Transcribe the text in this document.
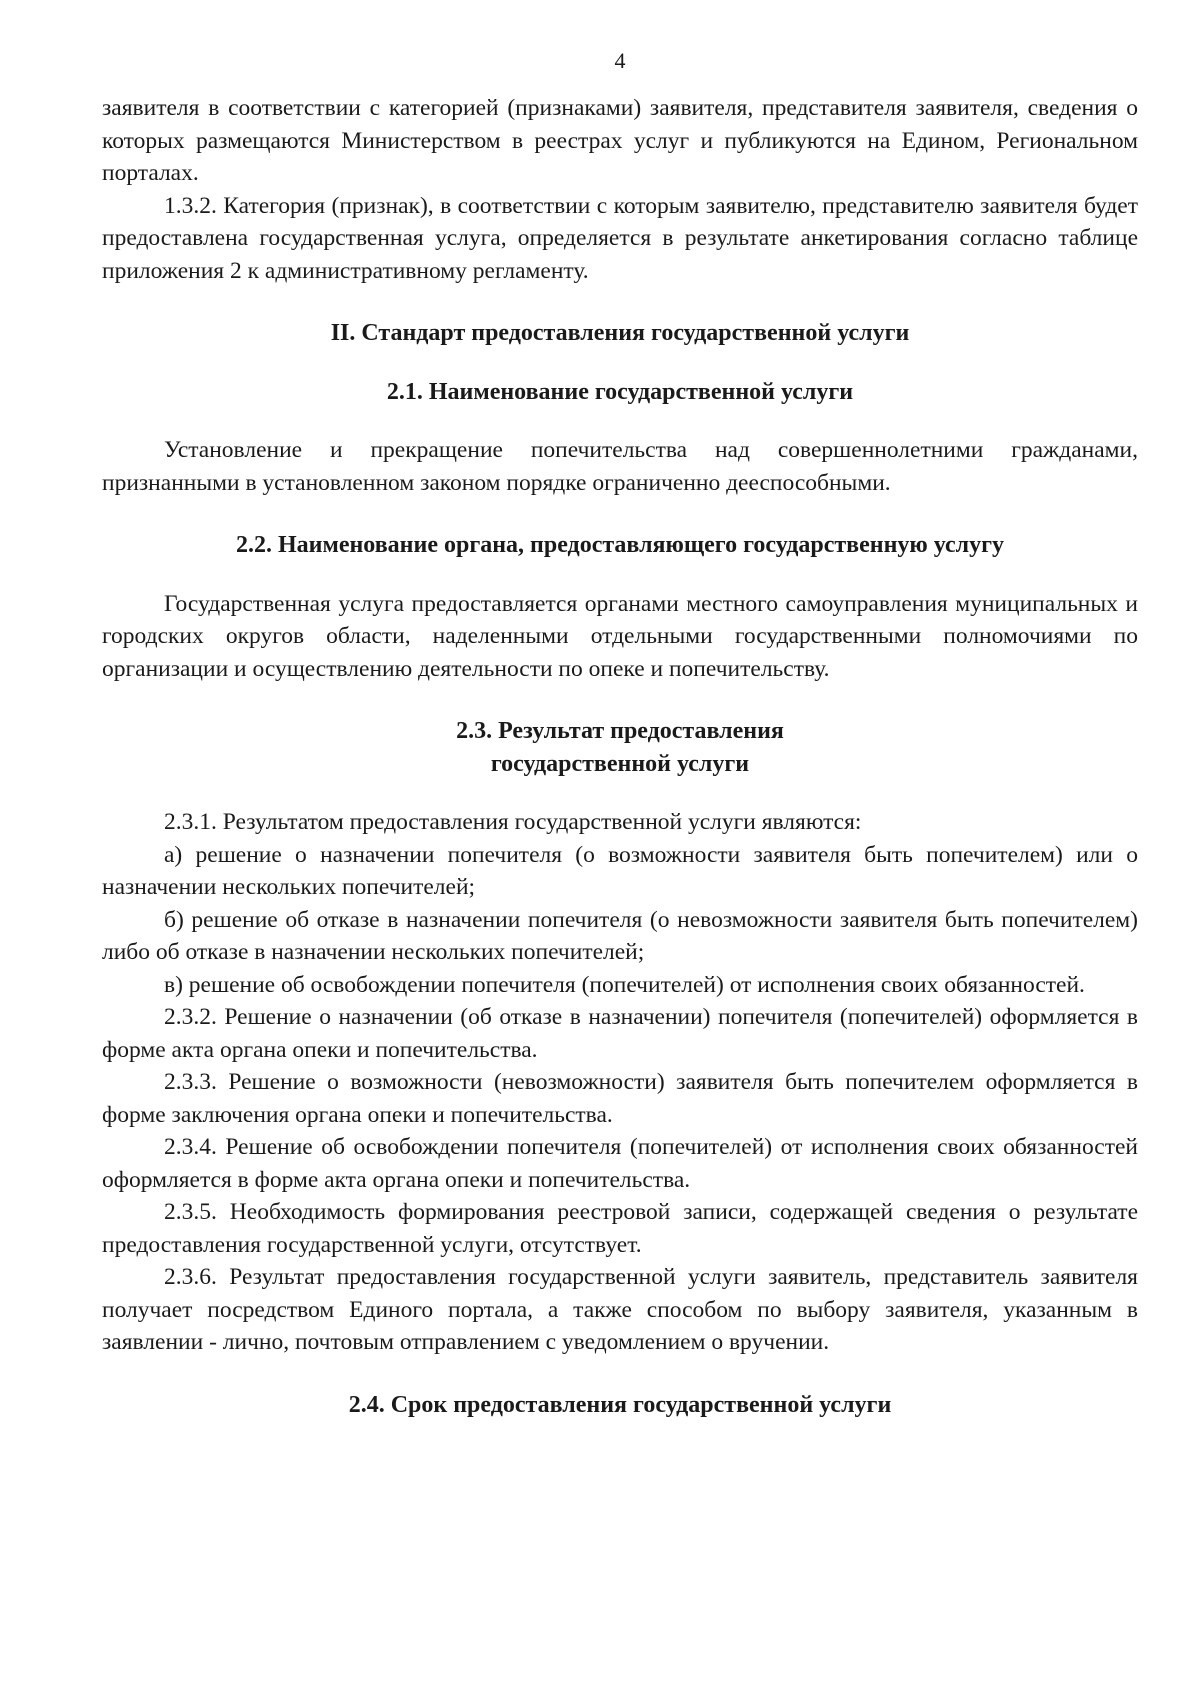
4

заявителя в соответствии с категорией (признаками) заявителя, представителя заявителя, сведения о которых размещаются Министерством в реестрах услуг и публикуются на Едином, Региональном порталах.

1.3.2. Категория (признак), в соответствии с которым заявителю, представителю заявителя будет предоставлена государственная услуга, определяется в результате анкетирования согласно таблице приложения 2 к административному регламенту.

II. Стандарт предоставления государственной услуги
2.1. Наименование государственной услуги

Установление и прекращение попечительства над совершеннолетними гражданами, признанными в установленном законом порядке ограниченно дееспособными.

2.2. Наименование органа, предоставляющего государственную услугу

Государственная услуга предоставляется органами местного самоуправления муниципальных и городских округов области, наделенными отдельными государственными полномочиями по организации и осуществлению деятельности по опеке и попечительству.

2.3. Результат предоставления
государственной услуги

2.3.1. Результатом предоставления государственной услуги являются:

а) решение о назначении попечителя (о возможности заявителя быть попечителем) или о назначении нескольких попечителей;

б) решение об отказе в назначении попечителя (о невозможности заявителя быть попечителем) либо об отказе в назначении нескольких попечителей;

в) решение об освобождении попечителя (попечителей) от исполнения своих обязанностей.

2.3.2. Решение о назначении (об отказе в назначении) попечителя (попечителей) оформляется в форме акта органа опеки и попечительства.

2.3.3. Решение о возможности (невозможности) заявителя быть попечителем оформляется в форме заключения органа опеки и попечительства.

2.3.4. Решение об освобождении попечителя (попечителей) от исполнения своих обязанностей оформляется в форме акта органа опеки и попечительства.

2.3.5. Необходимость формирования реестровой записи, содержащей сведения о результате предоставления государственной услуги, отсутствует.

2.3.6. Результат предоставления государственной услуги заявитель, представитель заявителя получает посредством Единого портала, а также способом по выбору заявителя, указанным в заявлении - лично, почтовым отправлением с уведомлением о вручении.

2.4. Срок предоставления государственной услуги
